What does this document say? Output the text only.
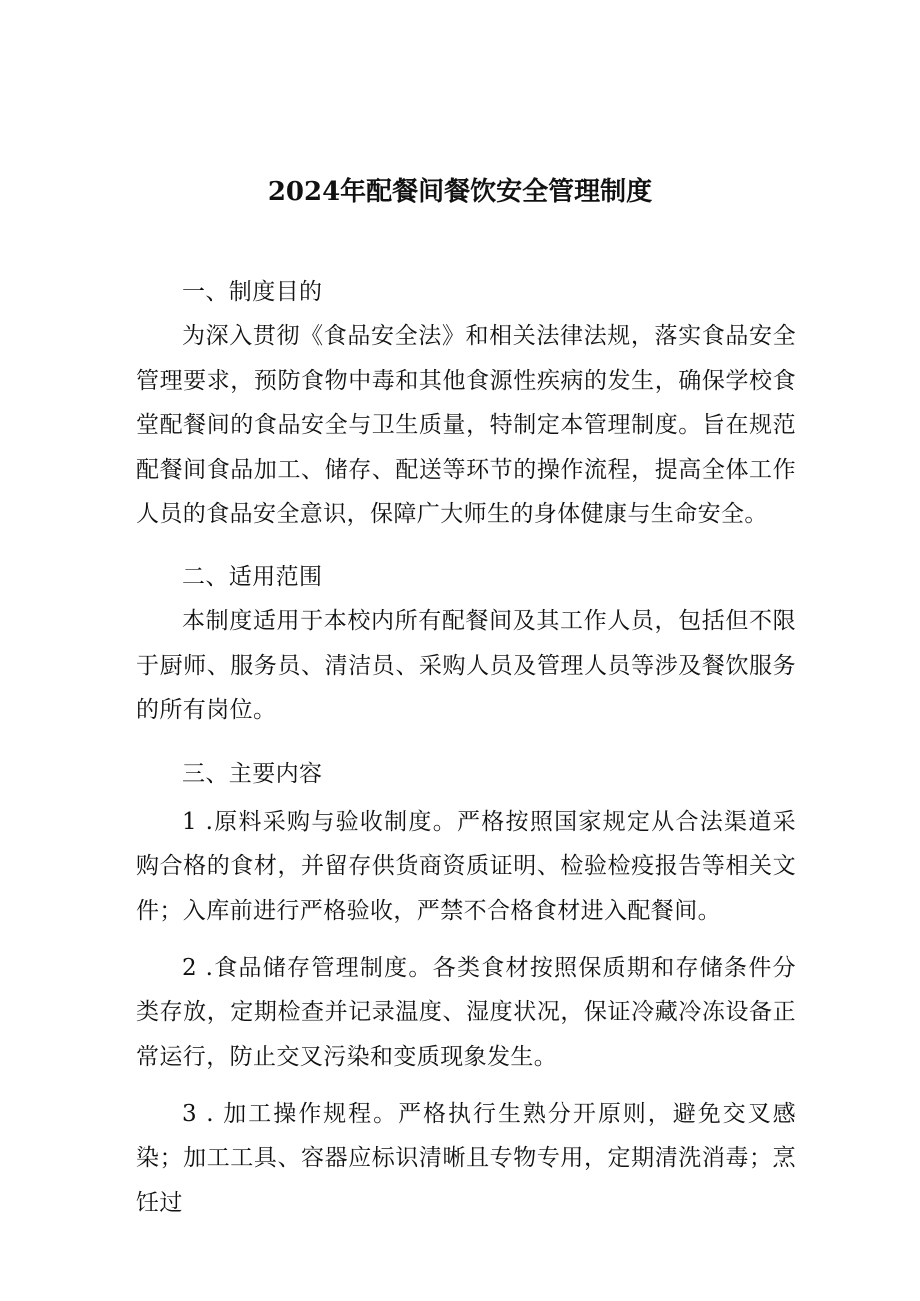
2024年配餐间餐饮安全管理制度

一、制度目的

为深入贯彻《食品安全法》和相关法律法规，落实食品安全管理要求，预防食物中毒和其他食源性疾病的发生，确保学校食堂配餐间的食品安全与卫生质量，特制定本管理制度。旨在规范配餐间食品加工、储存、配送等环节的操作流程，提高全体工作人员的食品安全意识，保障广大师生的身体健康与生命安全。

二、适用范围

本制度适用于本校内所有配餐间及其工作人员，包括但不限于厨师、服务员、清洁员、采购人员及管理人员等涉及餐饮服务的所有岗位。

三、主要内容

1 .原料采购与验收制度。严格按照国家规定从合法渠道采购合格的食材，并留存供货商资质证明、检验检疫报告等相关文件；入库前进行严格验收，严禁不合格食材进入配餐间。

2 .食品储存管理制度。各类食材按照保质期和存储条件分类存放，定期检查并记录温度、湿度状况，保证冷藏冷冻设备正常运行，防止交叉污染和变质现象发生。

3 . 加工操作规程。严格执行生熟分开原则，避免交叉感染；加工工具、容器应标识清晰且专物专用，定期清洗消毒；烹饪过
